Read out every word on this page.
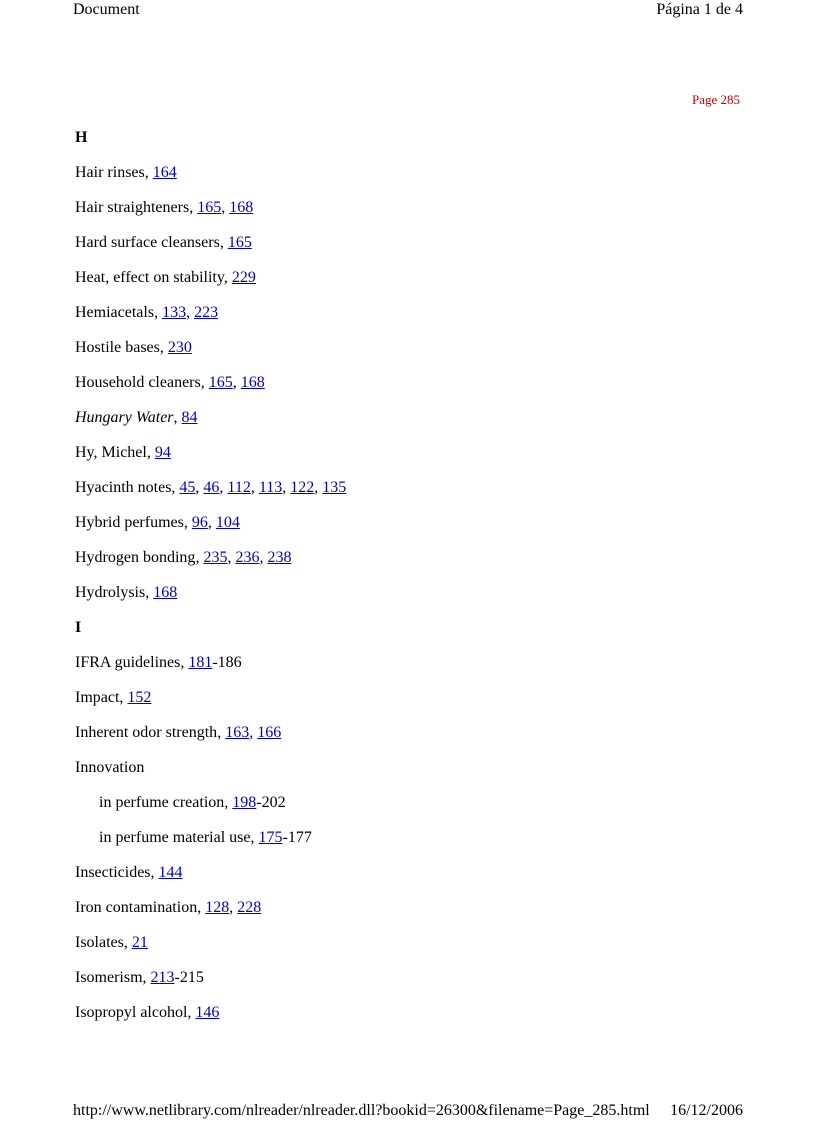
Document	Página 1 de 4
Page 285
H
Hair rinses, 164
Hair straighteners, 165, 168
Hard surface cleansers, 165
Heat, effect on stability, 229
Hemiacetals, 133, 223
Hostile bases, 230
Household cleaners, 165, 168
Hungary Water, 84
Hy, Michel, 94
Hyacinth notes, 45, 46, 112, 113, 122, 135
Hybrid perfumes, 96, 104
Hydrogen bonding, 235, 236, 238
Hydrolysis, 168
I
IFRA guidelines, 181-186
Impact, 152
Inherent odor strength, 163, 166
Innovation
in perfume creation, 198-202
in perfume material use, 175-177
Insecticides, 144
Iron contamination, 128, 228
Isolates, 21
Isomerism, 213-215
Isopropyl alcohol, 146
http://www.netlibrary.com/nlreader/nlreader.dll?bookid=26300&filename=Page_285.html 16/12/2006
